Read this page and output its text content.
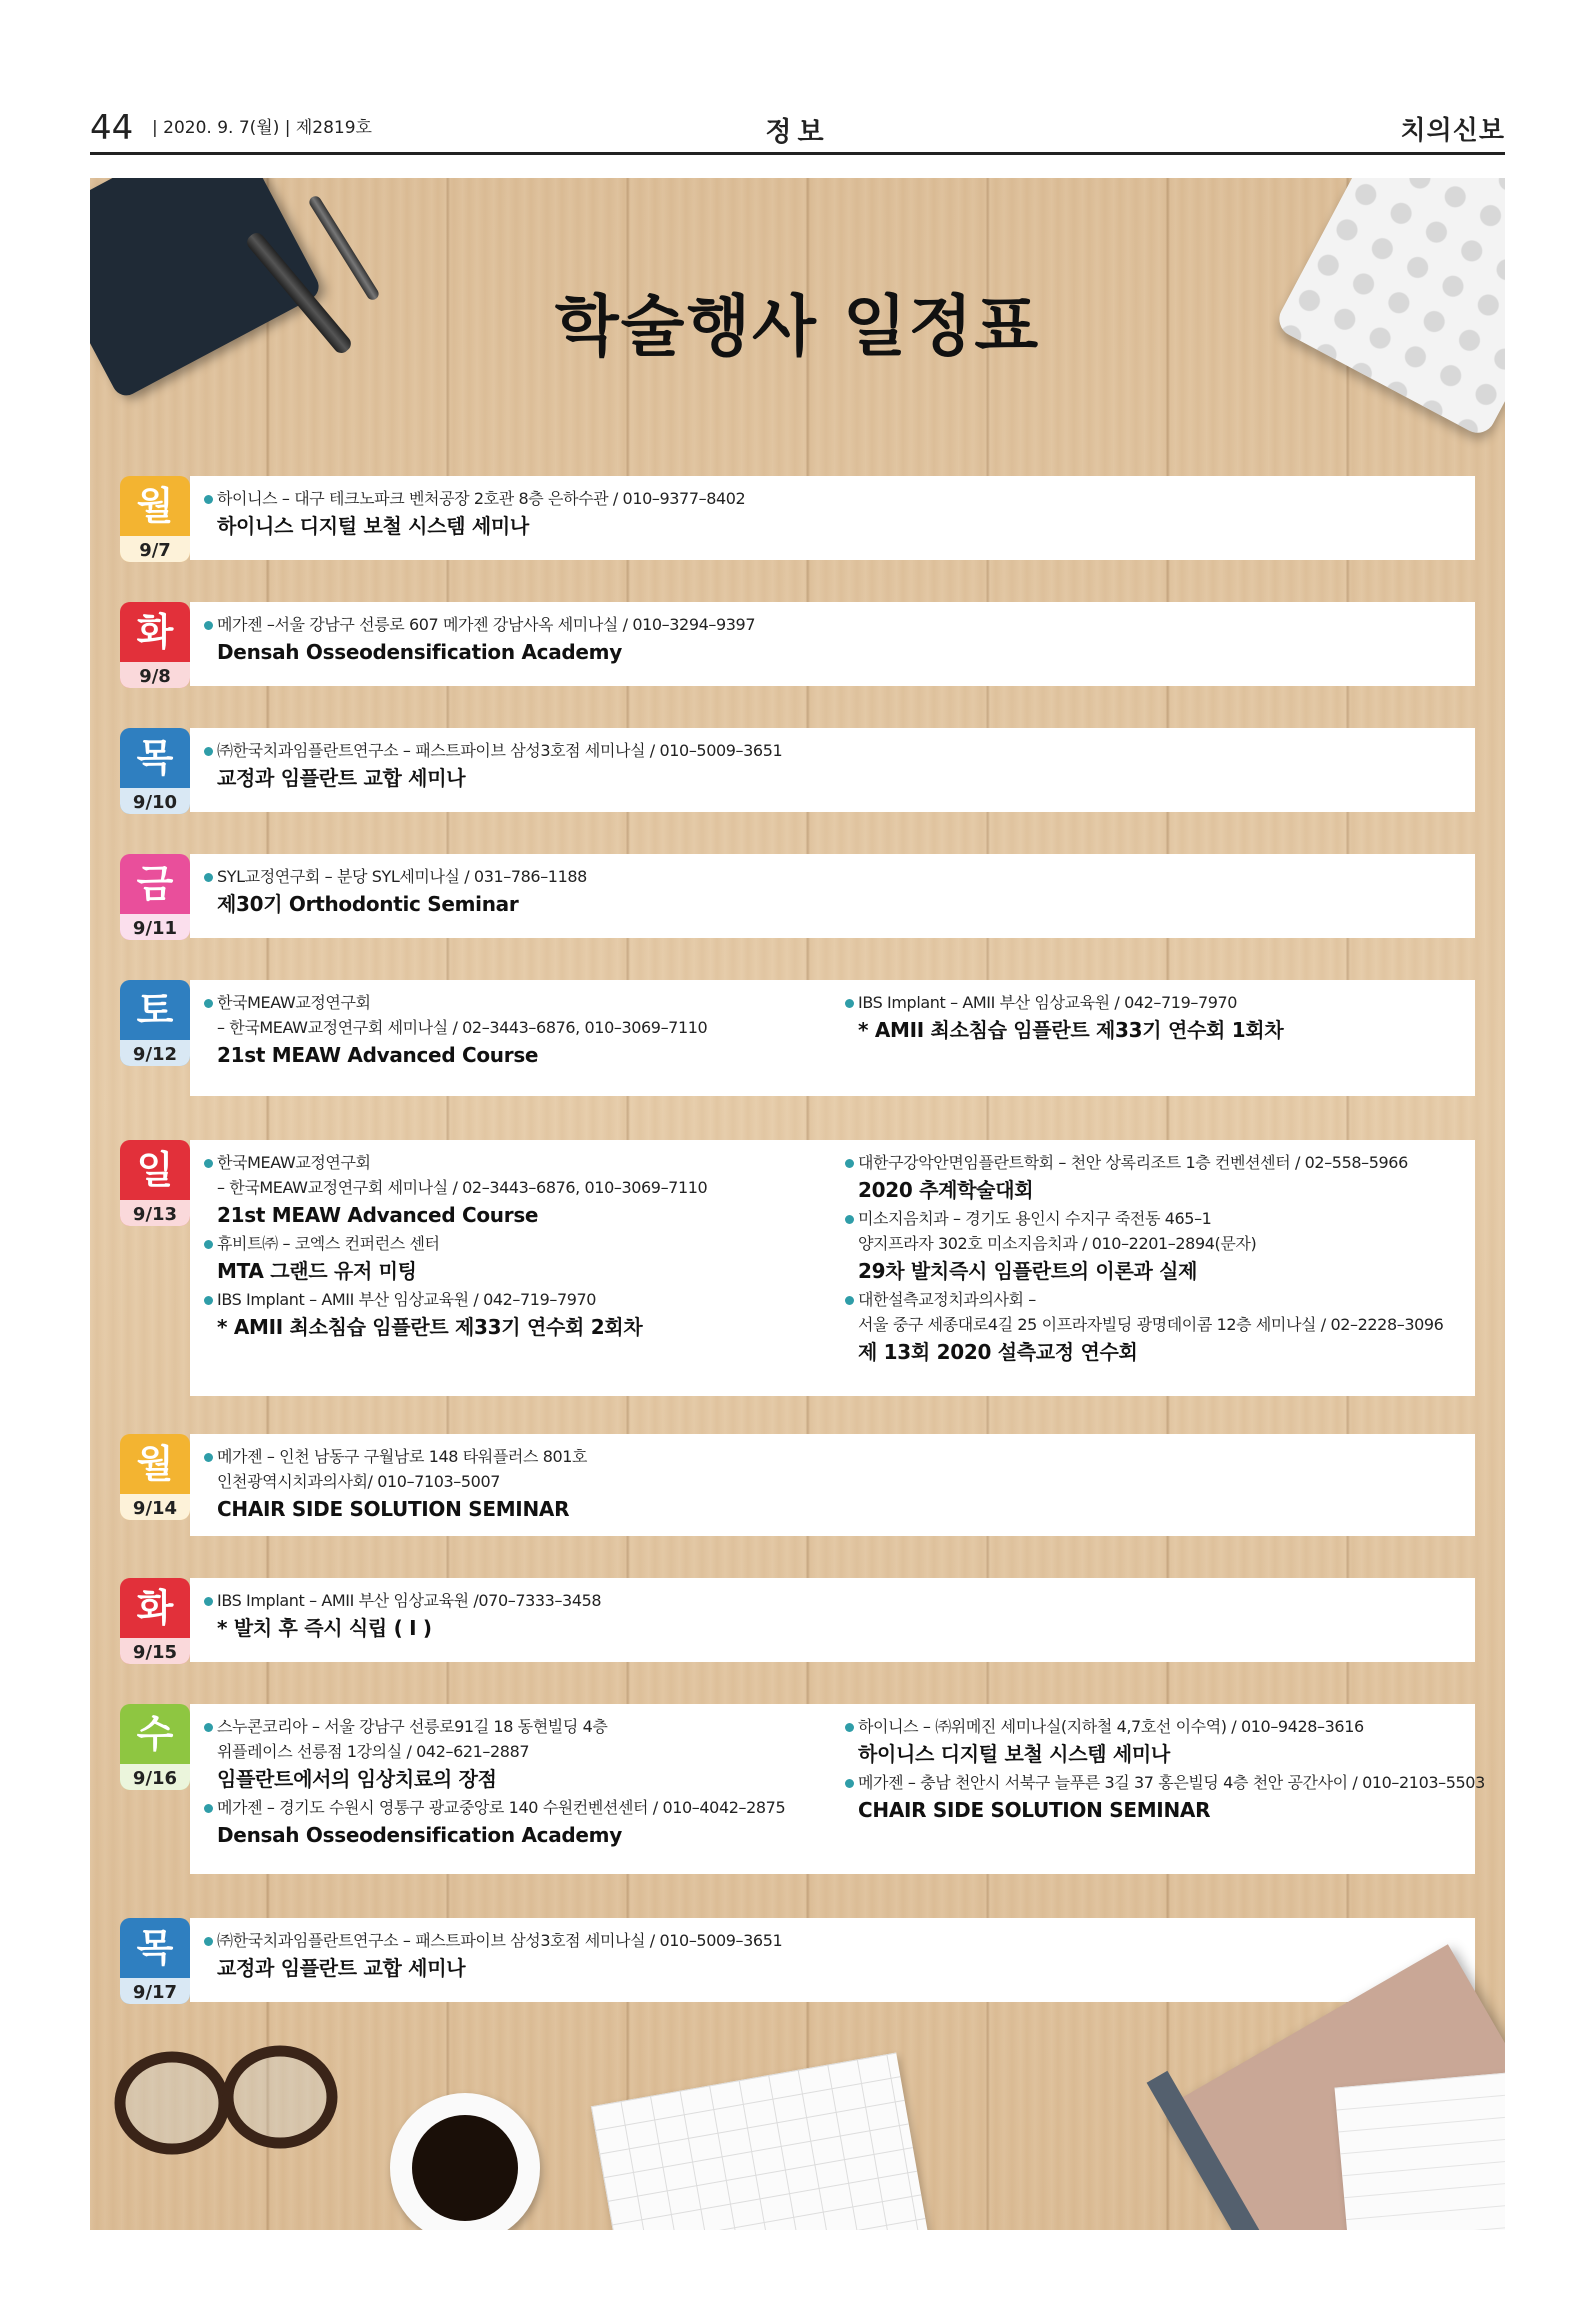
44 | 2020. 9. 7(월) | 제2819호	정보	치의신보
학술행사 일정표
월
9/7
하이니스 – 대구 테크노파크 벤처공장 2호관 8층 은하수관 / 010–9377–8402
하이니스 디지털 보철 시스템 세미나
화
9/8
메가젠 –서울 강남구 선릉로 607 메가젠 강남사옥 세미나실 / 010–3294–9397
Densah Osseodensification Academy
목
9/10
㈜한국치과임플란트연구소 – 패스트파이브 삼성3호점 세미나실 / 010–5009–3651
교정과 임플란트 교합 세미나
금
9/11
SYL교정연구회 – 분당 SYL세미나실 / 031–786–1188
제30기 Orthodontic Seminar
토
9/12
한국MEAW교정연구회
– 한국MEAW교정연구회 세미나실 / 02–3443–6876, 010–3069–7110
21st MEAW Advanced Course
IBS Implant – AMII 부산 임상교육원 / 042–719–7970
* AMII 최소침습 임플란트 제33기 연수회 1회차
일
9/13
한국MEAW교정연구회
– 한국MEAW교정연구회 세미나실 / 02–3443–6876, 010–3069–7110
21st MEAW Advanced Course
휴비트㈜ – 코엑스 컨퍼런스 센터
MTA 그랜드 유저 미팅
IBS Implant – AMII 부산 임상교육원 / 042–719–7970
* AMII 최소침습 임플란트 제33기 연수회 2회차
대한구강악안면임플란트학회 – 천안 상록리조트 1층 컨벤션센터 / 02–558–5966
2020 추계학술대회
미소지음치과 – 경기도 용인시 수지구 죽전동 465–1
양지프라자 302호 미소지음치과 / 010–2201–2894(문자)
29차 발치즉시 임플란트의 이론과 실제
대한설측교정치과의사회 –
서울 중구 세종대로4길 25 이프라자빌딩 광명데이콤 12층 세미나실 / 02–2228–3096
제 13회 2020 설측교정 연수회
월
9/14
메가젠 – 인천 남동구 구월남로 148 타워플러스 801호
인천광역시치과의사회/ 010–7103–5007
CHAIR SIDE SOLUTION SEMINAR
화
9/15
IBS Implant – AMII 부산 임상교육원 /070–7333–3458
* 발치 후 즉시 식립 ( I )
수
9/16
스누콘코리아 – 서울 강남구 선릉로91길 18 동현빌딩 4층
위플레이스 선릉점 1강의실 / 042–621–2887
임플란트에서의 임상치료의 장점
메가젠 – 경기도 수원시 영통구 광교중앙로 140 수원컨벤션센터 / 010–4042–2875
Densah Osseodensification Academy
하이니스 – ㈜위메진 세미나실(지하철 4,7호선 이수역) / 010–9428–3616
하이니스 디지털 보철 시스템 세미나
메가젠 – 충남 천안시 서북구 늘푸른 3길 37 홍은빌딩 4층 천안 공간사이 / 010–2103–5503
CHAIR SIDE SOLUTION SEMINAR
목
9/17
㈜한국치과임플란트연구소 – 패스트파이브 삼성3호점 세미나실 / 010–5009–3651
교정과 임플란트 교합 세미나
